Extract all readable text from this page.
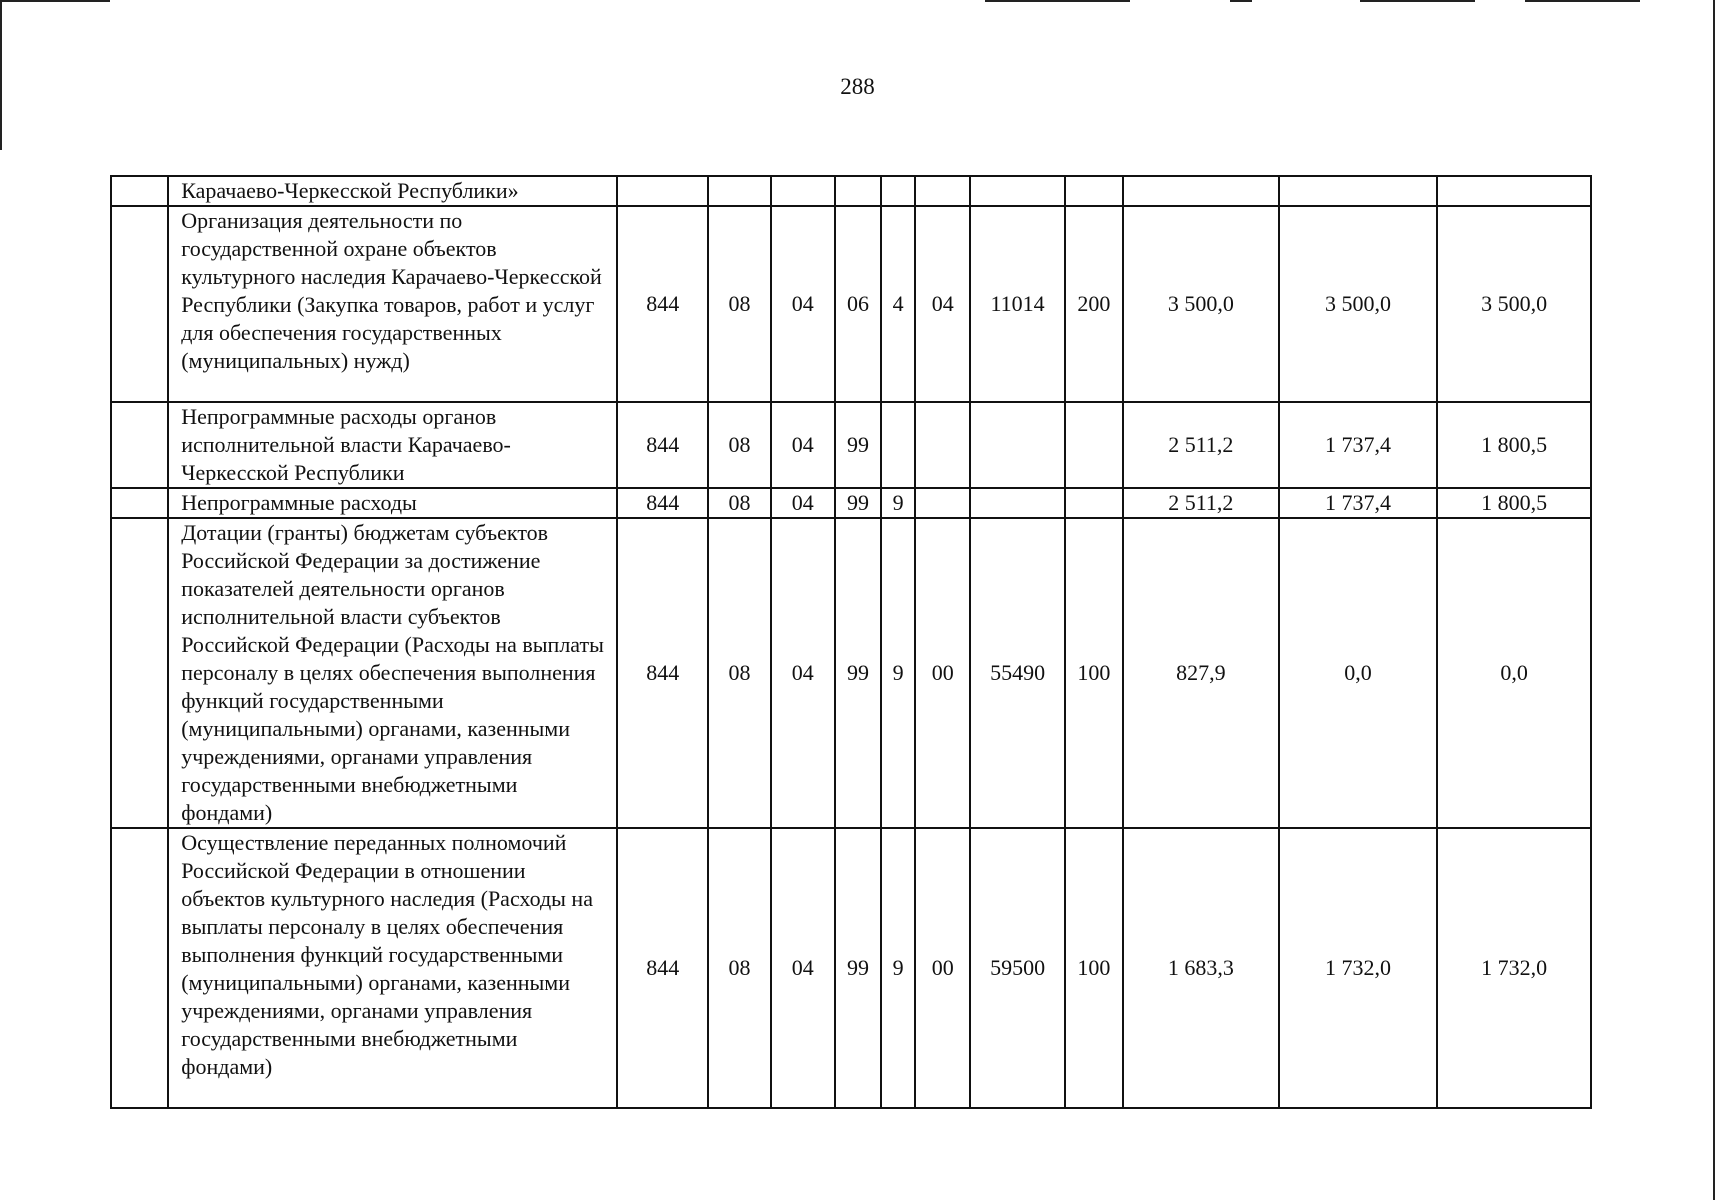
288
	Карачаево-Черкесской Республики»											
	Организация деятельности по государственной охране объектов культурного наследия Карачаево-Черкесской Республики (Закупка товаров, работ и услуг для обеспечения государственных (муниципальных) нужд)	844	08	04	06	4	04	11014	200	3 500,0	3 500,0	3 500,0
	Непрограммные расходы органов исполнительной власти Карачаево-Черкесской Республики	844	08	04	99					2 511,2	1 737,4	1 800,5
	Непрограммные расходы	844	08	04	99	9				2 511,2	1 737,4	1 800,5
	Дотации (гранты) бюджетам субъектов Российской Федерации за достижение показателей деятельности органов исполнительной власти субъектов Российской Федерации (Расходы на выплаты персоналу в целях обеспечения выполнения функций государственными (муниципальными) органами, казенными учреждениями, органами управления государственными внебюджетными фондами)	844	08	04	99	9	00	55490	100	827,9	0,0	0,0
	Осуществление переданных полномочий Российской Федерации в отношении объектов культурного наследия (Расходы на выплаты персоналу в целях обеспечения выполнения функций государственными (муниципальными) органами, казенными учреждениями, органами управления государственными внебюджетными фондами)	844	08	04	99	9	00	59500	100	1 683,3	1 732,0	1 732,0
